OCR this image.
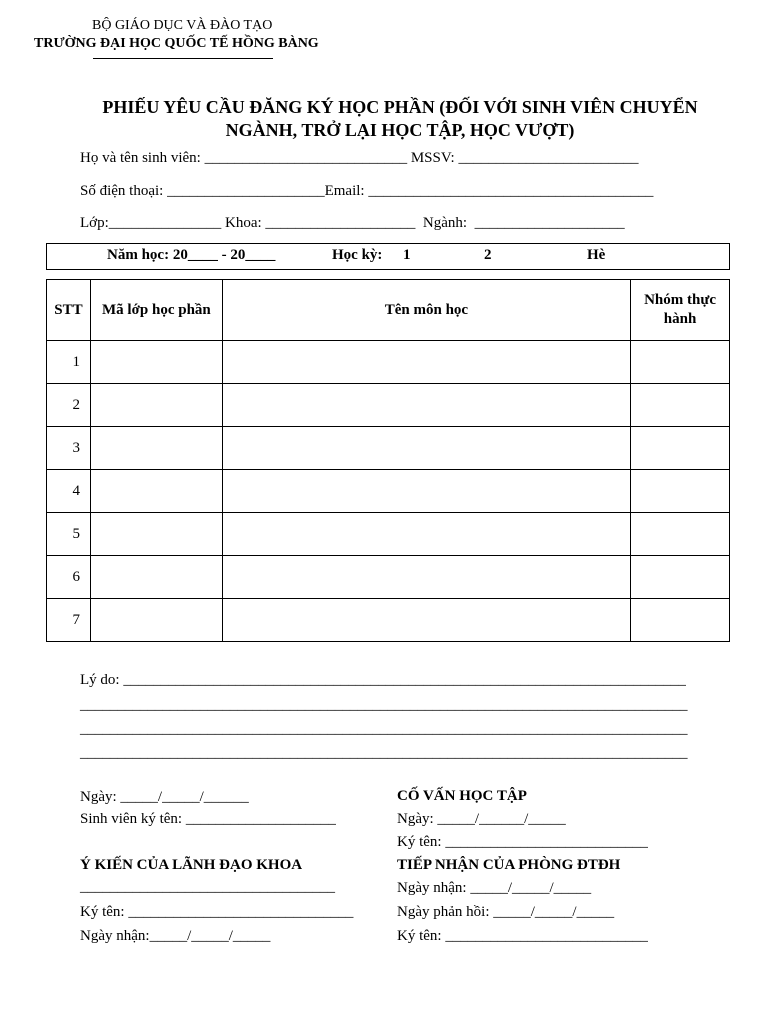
BỘ GIÁO DỤC VÀ ĐÀO TẠO
TRƯỜNG ĐẠI HỌC QUỐC TẾ HỒNG BÀNG
PHIẾU YÊU CẦU ĐĂNG KÝ HỌC PHẦN (ĐỐI VỚI SINH VIÊN CHUYỂN
NGÀNH, TRỞ LẠI HỌC TẬP, HỌC VƯỢT)
Họ và tên sinh viên: ___________________________ MSSV: ________________________
Số điện thoại: _____________________Email: ______________________________________
Lớp:_______________ Khoa: ____________________  Ngành:  ____________________
Năm học: 20____ - 20____	Học kỳ: 1	2	Hè
STT	Mã lớp học phần	Tên môn học	Nhóm thực hành
1			
2			
3			
4			
5			
6			
7			
Lý do: ___________________________________________________________________________
_________________________________________________________________________________
_________________________________________________________________________________
_________________________________________________________________________________
Ngày: _____/_____/______
Sinh viên ký tên: ____________________
CỐ VẤN HỌC TẬP
Ngày: _____/______/_____
Ký tên: ___________________________
Ý KIẾN CỦA LÃNH ĐẠO KHOA
__________________________________
Ký tên: ______________________________
Ngày nhận:_____/_____/_____
TIẾP NHẬN CỦA PHÒNG ĐTĐH
Ngày nhận: _____/_____/_____
Ngày phản hồi: _____/_____/_____
Ký tên: ___________________________
